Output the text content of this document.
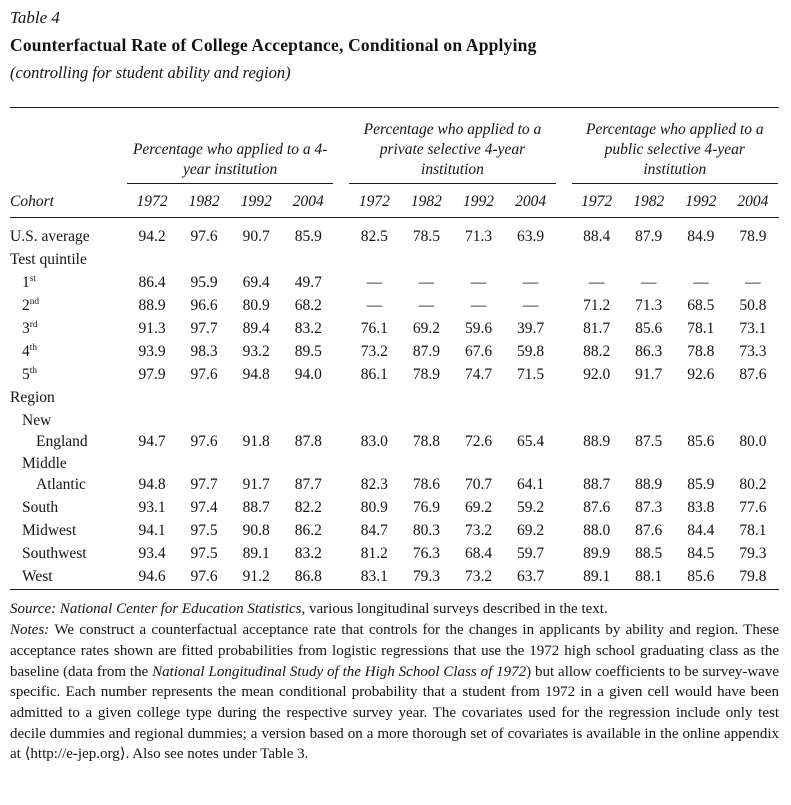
Table 4
Counterfactual Rate of College Acceptance, Conditional on Applying
(controlling for student ability and region)

	Percentage who applied to a 4-year institution					Percentage who applied to a private selective 4-year institution					Percentage who applied to a public selective 4-year institution			

Cohort	1972	1982	1992	2004		1972	1982	1992	2004		1972	1982	1992	2004

U.S. average	94.2	97.6	90.7	85.9		82.5	78.5	71.3	63.9		88.4	87.9	84.9	78.9

Test quintile														

1st	86.4	95.9	69.4	49.7		—	—	—	—		—	—	—	—

2nd	88.9	96.6	80.9	68.2		—	—	—	—		71.2	71.3	68.5	50.8

3rd	91.3	97.7	89.4	83.2		76.1	69.2	59.6	39.7		81.7	85.6	78.1	73.1

4th	93.9	98.3	93.2	89.5		73.2	87.9	67.6	59.8		88.2	86.3	78.8	73.3

5th	97.9	97.6	94.8	94.0		86.1	78.9	74.7	71.5		92.0	91.7	92.6	87.6

Region														

New
England	94.7	97.6	91.8	87.8		83.0	78.8	72.6	65.4		88.9	87.5	85.6	80.0

Middle
Atlantic	94.8	97.7	91.7	87.7		82.3	78.6	70.7	64.1		88.7	88.9	85.9	80.2

South	93.1	97.4	88.7	82.2		80.9	76.9	69.2	59.2		87.6	87.3	83.8	77.6

Midwest	94.1	97.5	90.8	86.2		84.7	80.3	73.2	69.2		88.0	87.6	84.4	78.1

Southwest	93.4	97.5	89.1	83.2		81.2	76.3	68.4	59.7		89.9	88.5	84.5	79.3

West	94.6	97.6	91.2	86.8		83.1	79.3	73.2	63.7		89.1	88.1	85.6	79.8

Source: National Center for Education Statistics, various longitudinal surveys described in the text.

Notes: We construct a counterfactual acceptance rate that controls for the changes in applicants by ability and region. These acceptance rates shown are fitted probabilities from logistic regressions that use the 1972 high school graduating class as the baseline (data from the National Longitudinal Study of the High School Class of 1972) but allow coefficients to be survey-wave specific. Each number represents the mean conditional probability that a student from 1972 in a given cell would have been admitted to a given college type during the respective survey year. The covariates used for the regression include only test decile dummies and regional dummies; a version based on a more thorough set of covariates is available in the online appendix at ⟨http://e-jep.org⟩. Also see notes under Table 3.
